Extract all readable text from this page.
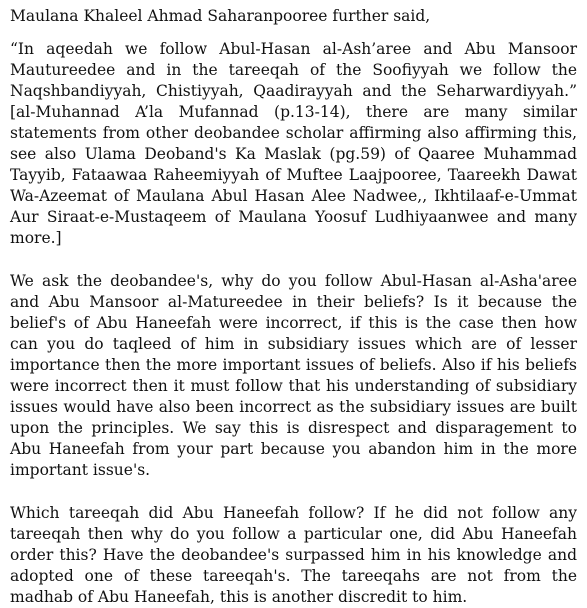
Maulana Khaleel Ahmad Saharanpooree further said,

“In aqeedah we follow Abul-Hasan al-Ash’aree and Abu Mansoor Mautureedee and in the tareeqah of the Soofiyyah we follow the Naqshbandiyyah, Chistiyyah, Qaadirayyah and the Seharwardiyyah.” [al-Muhannad A’la Mufannad (p.13-14), there are many similar statements from other deobandee scholar affirming also affirming this, see also Ulama Deoband's Ka Maslak (pg.59) of Qaaree Muhammad Tayyib, Fataawaa Raheemiyyah of Muftee Laajpooree, Taareekh Dawat Wa-Azeemat of Maulana Abul Hasan Alee Nadwee,, Ikhtilaaf-e-Ummat Aur Siraat-e-Mustaqeem of Maulana Yoosuf Ludhiyaanwee and many more.]

We ask the deobandee's, why do you follow Abul-Hasan al-Asha'aree and Abu Mansoor al-Matureedee in their beliefs? Is it because the belief's of Abu Haneefah were incorrect, if this is the case then how can you do taqleed of him in subsidiary issues which are of lesser importance then the more important issues of beliefs. Also if his beliefs were incorrect then it must follow that his understanding of subsidiary issues would have also been incorrect as the subsidiary issues are built upon the principles. We say this is disrespect and disparagement to Abu Haneefah from your part because you abandon him in the more important issue's.

Which tareeqah did Abu Haneefah follow? If he did not follow any tareeqah then why do you follow a particular one, did Abu Haneefah order this? Have the deobandee's surpassed him in his knowledge and adopted one of these tareeqah's. The tareeqahs are not from the madhab of Abu Haneefah, this is another discredit to him.
